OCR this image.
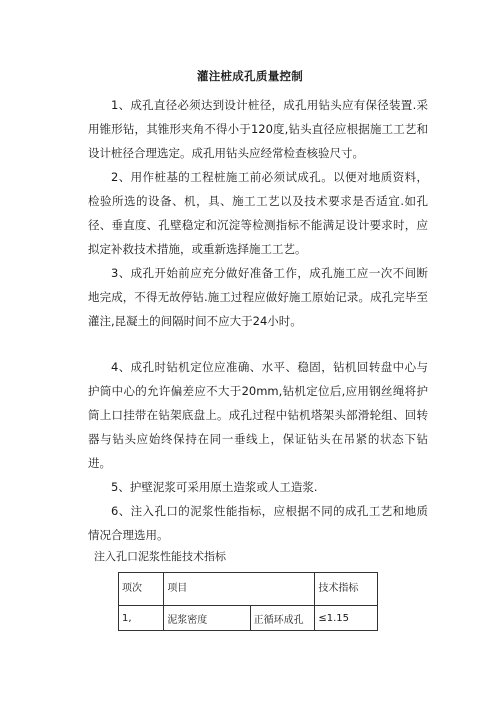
灌注桩成孔质量控制

1、成孔直径必须达到设计桩径，成孔用钻头应有保径装置.采用锥形钻，其锥形夹角不得小于120度,钻头直径应根据施工工艺和设计桩径合理选定。成孔用钻头应经常检查核验尺寸。

2、用作桩基的工程桩施工前必须试成孔。以便对地质资料，检验所选的设备、机，具、施工工艺以及技术要求是否适宜.如孔径、垂直度、孔壁稳定和沉淀等检测指标不能满足设计要求时，应拟定补救技术措施，或重新选择施工工艺。

3、成孔开始前应充分做好准备工作，成孔施工应一次不间断地完成，不得无故停钻.施工过程应做好施工原始记录。成孔完毕至灌注,昆凝土的间隔时间不应大于24小时。

4、成孔时钻机定位应准确、水平、稳固，钻机回转盘中心与护筒中心的允许偏差应不大于20mm,钻机定位后,应用钢丝绳将护筒上口挂带在钻架底盘上。成孔过程中钻机塔架头部滑轮组、回转器与钻头应始终保持在同一垂线上，保证钻头在吊紧的状态下钻进。

5、护壁泥浆可采用原土造浆或人工造浆.

6、注入孔口的泥浆性能指标，应根据不同的成孔工艺和地质情况合理选用。

注入孔口泥浆性能技术指标
项次	项目		技术指标
1,	泥浆密度	正循环成孔	≤1.15
